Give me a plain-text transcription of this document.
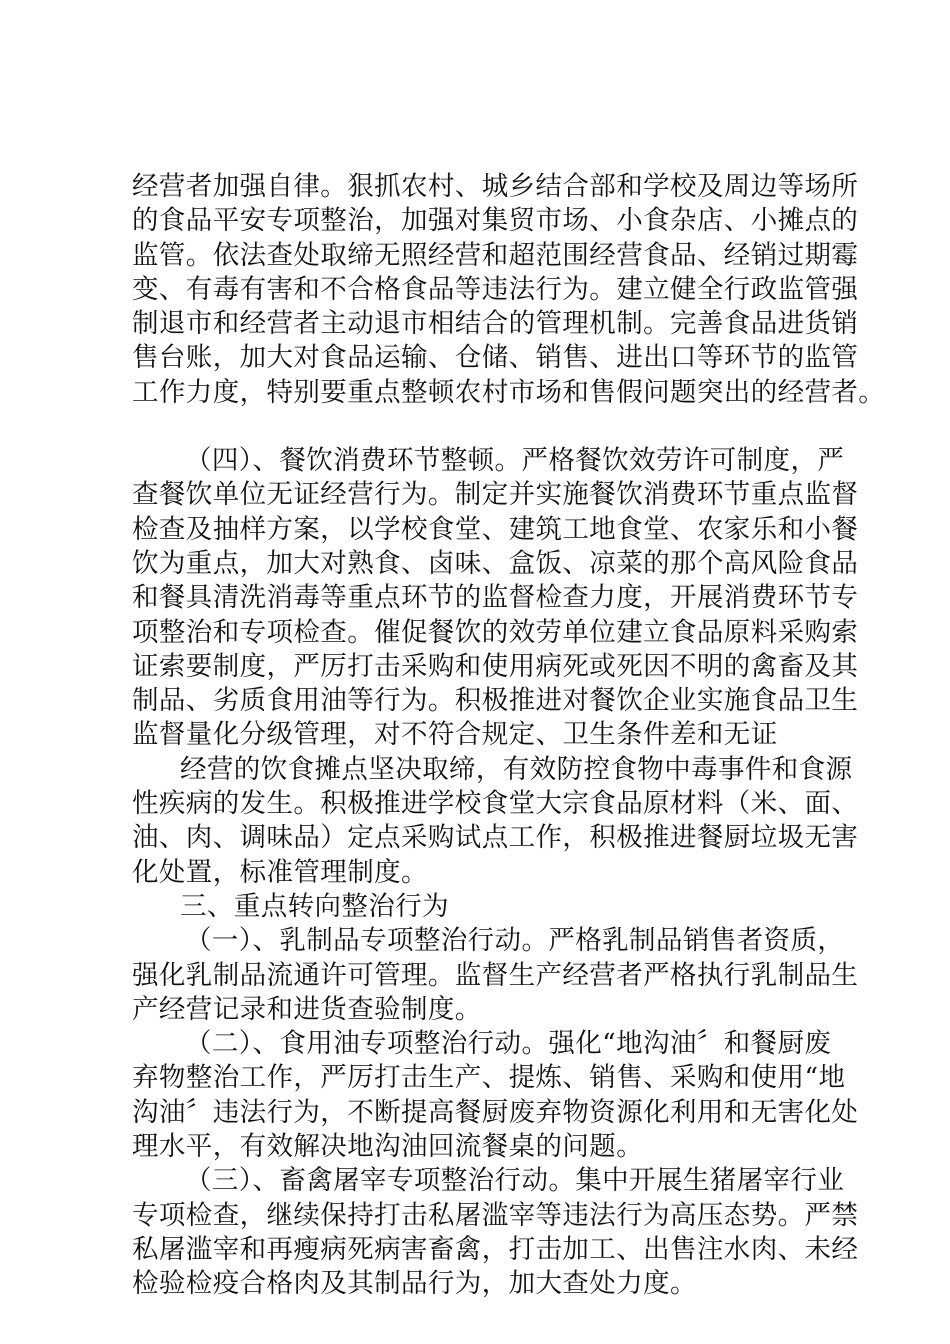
经营者加强自律。狠抓农村、城乡结合部和学校及周边等场所
的食品平安专项整治，加强对集贸市场、小食杂店、小摊点的
监管。依法查处取缔无照经营和超范围经营食品、经销过期霉
变、有毒有害和不合格食品等违法行为。建立健全行政监管强
制退市和经营者主动退市相结合的管理机制。完善食品进货销
售台账，加大对食品运输、仓储、销售、进出口等环节的监管
工作力度，特别要重点整顿农村市场和售假问题突出的经营者。

（四）、餐饮消费环节整顿。严格餐饮效劳许可制度，严
查餐饮单位无证经营行为。制定并实施餐饮消费环节重点监督
检查及抽样方案，以学校食堂、建筑工地食堂、农家乐和小餐
饮为重点，加大对熟食、卤味、盒饭、凉菜的那个高风险食品
和餐具清洗消毒等重点环节的监督检查力度，开展消费环节专
项整治和专项检查。催促餐饮的效劳单位建立食品原料采购索
证索要制度，严厉打击采购和使用病死或死因不明的禽畜及其
制品、劣质食用油等行为。积极推进对餐饮企业实施食品卫生
监督量化分级管理，对不符合规定、卫生条件差和无证

经营的饮食摊点坚决取缔，有效防控食物中毒事件和食源
性疾病的发生。积极推进学校食堂大宗食品原材料（米、面、
油、肉、调味品）定点采购试点工作，积极推进餐厨垃圾无害
化处置，标准管理制度。

三、重点转向整治行为

（一）、乳制品专项整治行动。严格乳制品销售者资质，
强化乳制品流通许可管理。监督生产经营者严格执行乳制品生
产经营记录和进货查验制度。

（二）、食用油专项整治行动。强化“地沟油〞和餐厨废
弃物整治工作，严厉打击生产、提炼、销售、采购和使用“地
沟油〞违法行为，不断提高餐厨废弃物资源化利用和无害化处
理水平，有效解决地沟油回流餐桌的问题。

（三）、畜禽屠宰专项整治行动。集中开展生猪屠宰行业
专项检查，继续保持打击私屠滥宰等违法行为高压态势。严禁
私屠滥宰和再瘦病死病害畜禽，打击加工、出售注水肉、未经
检验检疫合格肉及其制品行为，加大查处力度。
